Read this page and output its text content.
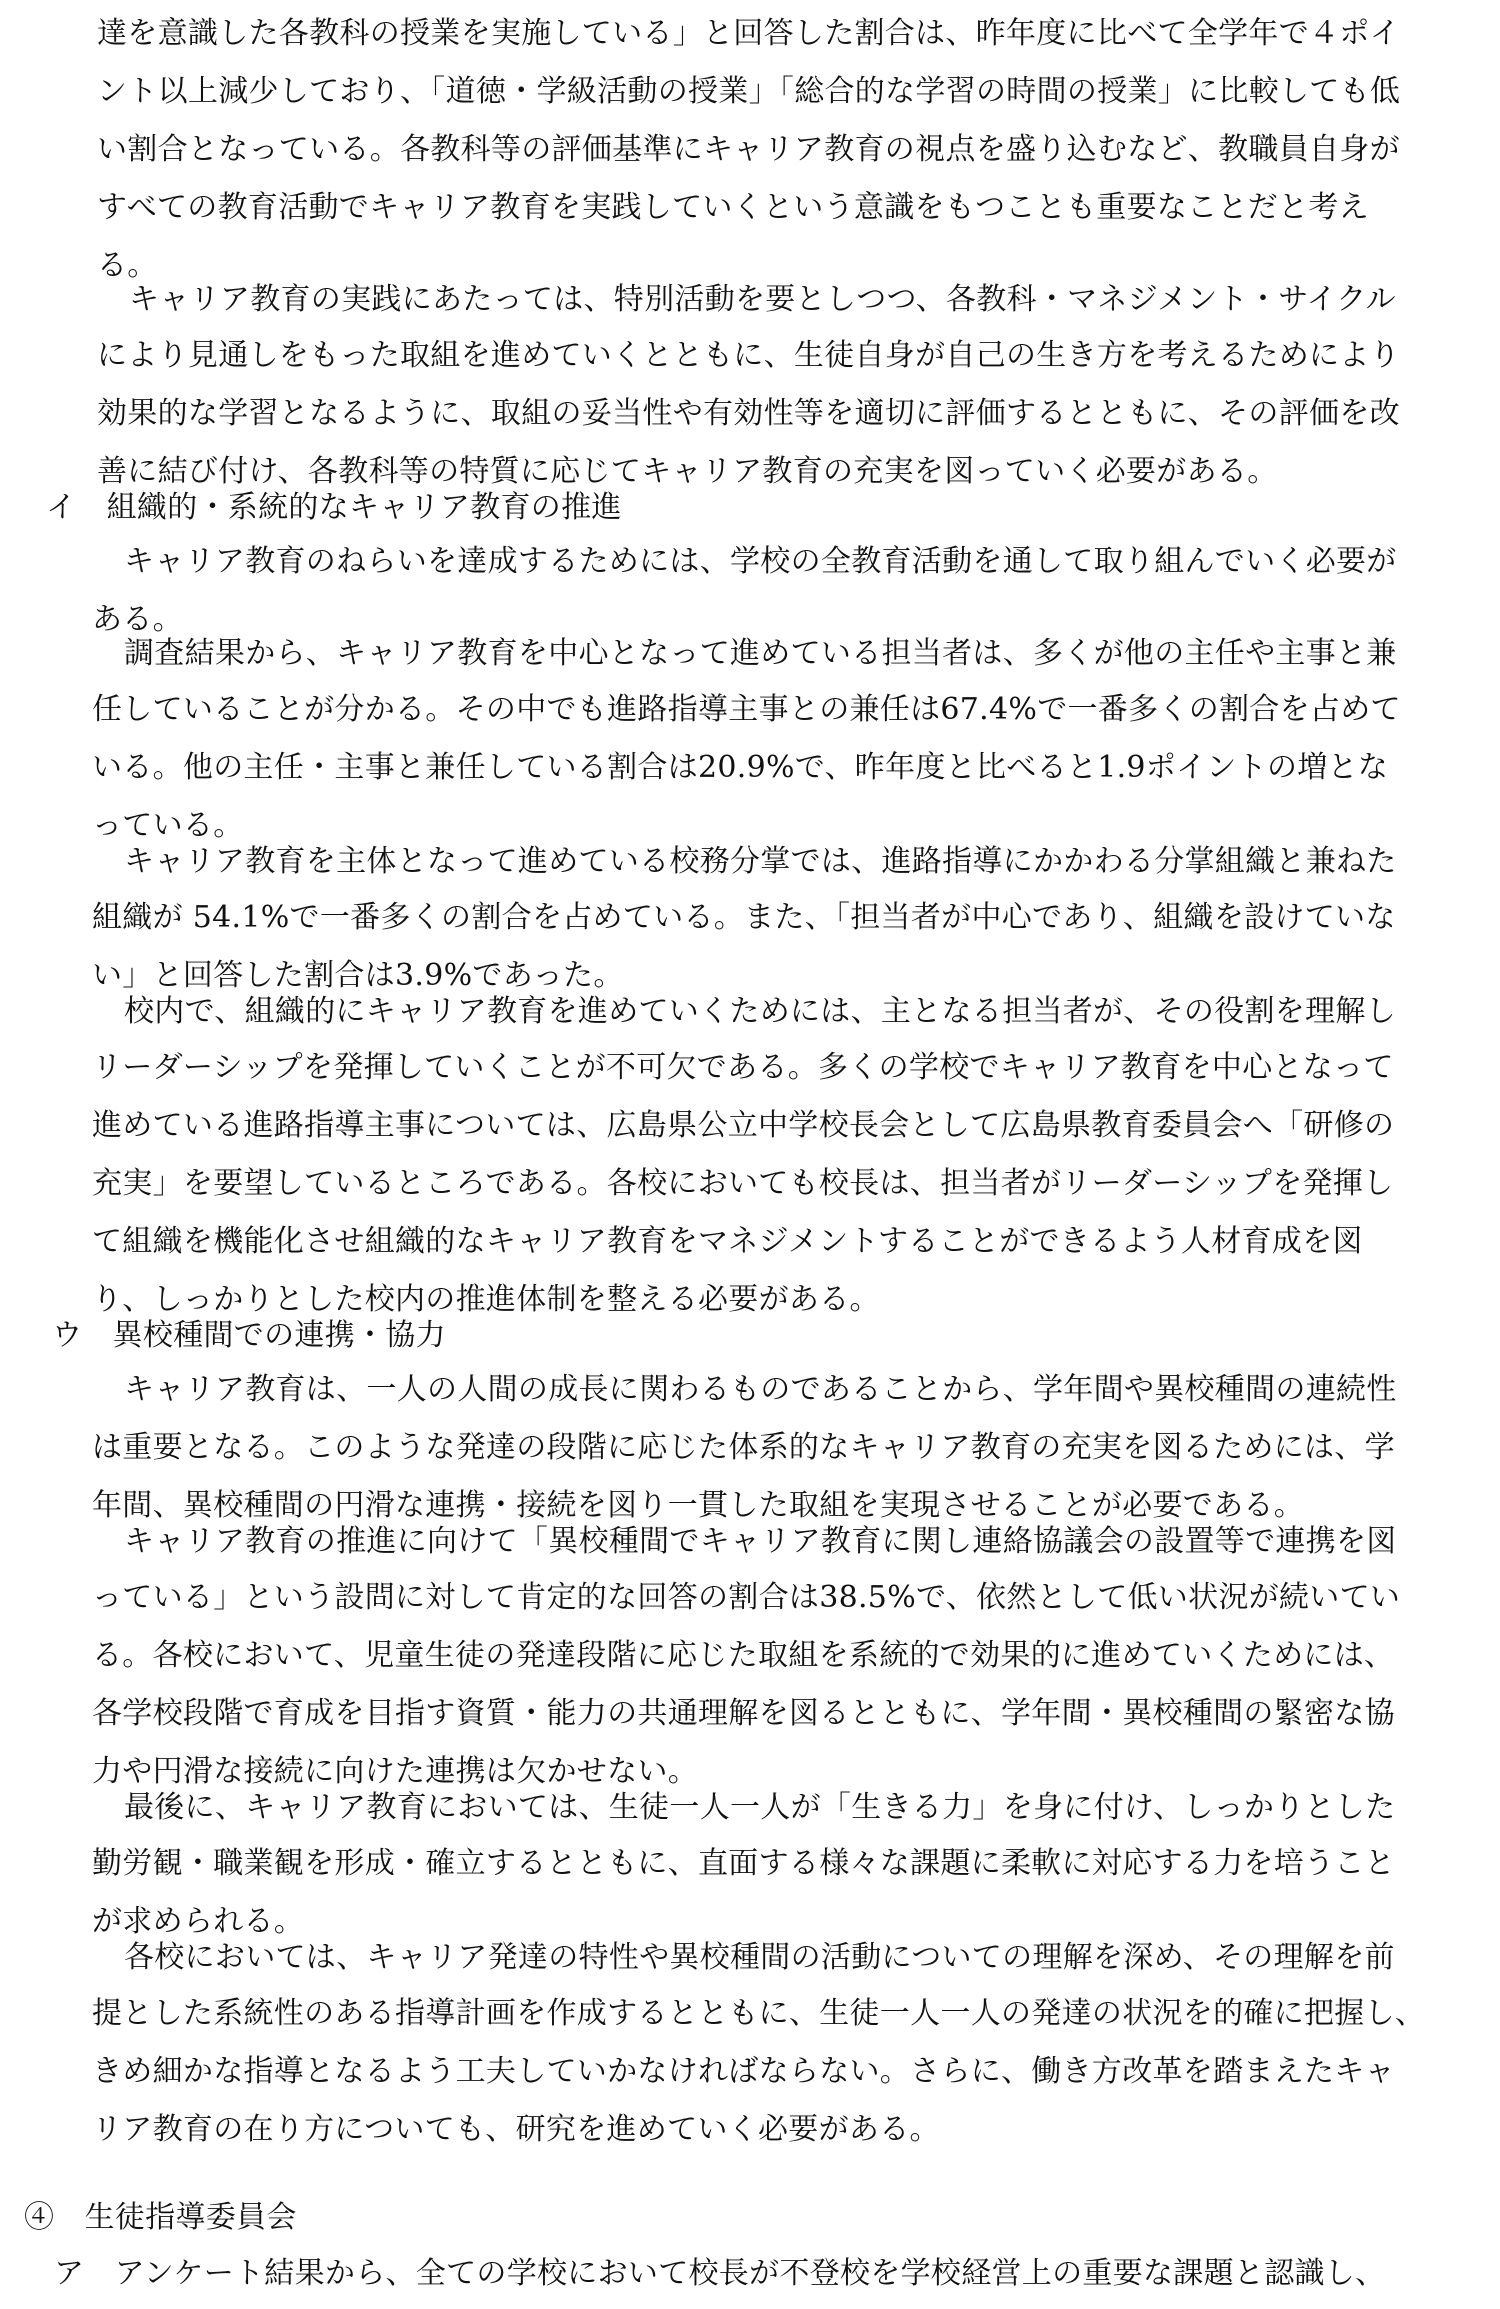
達を意識した各教科の授業を実施している」と回答した割合は、昨年度に比べて全学年で４ポイ
ント以上減少しており、「道徳・学級活動の授業」「総合的な学習の時間の授業」に比較しても低
い割合となっている。各教科等の評価基準にキャリア教育の視点を盛り込むなど、教職員自身が
すべての教育活動でキャリア教育を実践していくという意識をもつことも重要なことだと考え
る。
キャリア教育の実践にあたっては、特別活動を要としつつ、各教科・マネジメント・サイクル
により見通しをもった取組を進めていくとともに、生徒自身が自己の生き方を考えるためにより
効果的な学習となるように、取組の妥当性や有効性等を適切に評価するとともに、その評価を改
善に結び付け、各教科等の特質に応じてキャリア教育の充実を図っていく必要がある。
イ　組織的・系統的なキャリア教育の推進
キャリア教育のねらいを達成するためには、学校の全教育活動を通して取り組んでいく必要が
ある。
調査結果から、キャリア教育を中心となって進めている担当者は、多くが他の主任や主事と兼
任していることが分かる。その中でも進路指導主事との兼任は67.4%で一番多くの割合を占めて
いる。他の主任・主事と兼任している割合は20.9%で、昨年度と比べると1.9ポイントの増とな
っている。
キャリア教育を主体となって進めている校務分掌では、進路指導にかかわる分掌組織と兼ねた
組織が 54.1%で一番多くの割合を占めている。また、「担当者が中心であり、組織を設けていな
い」と回答した割合は3.9%であった。
校内で、組織的にキャリア教育を進めていくためには、主となる担当者が、その役割を理解し
リーダーシップを発揮していくことが不可欠である。多くの学校でキャリア教育を中心となって
進めている進路指導主事については、広島県公立中学校長会として広島県教育委員会へ「研修の
充実」を要望しているところである。各校においても校長は、担当者がリーダーシップを発揮し
て組織を機能化させ組織的なキャリア教育をマネジメントすることができるよう人材育成を図
り、しっかりとした校内の推進体制を整える必要がある。
ウ　異校種間での連携・協力
キャリア教育は、一人の人間の成長に関わるものであることから、学年間や異校種間の連続性
は重要となる。このような発達の段階に応じた体系的なキャリア教育の充実を図るためには、学
年間、異校種間の円滑な連携・接続を図り一貫した取組を実現させることが必要である。
キャリア教育の推進に向けて「異校種間でキャリア教育に関し連絡協議会の設置等で連携を図
っている」という設問に対して肯定的な回答の割合は38.5%で、依然として低い状況が続いてい
る。各校において、児童生徒の発達段階に応じた取組を系統的で効果的に進めていくためには、
各学校段階で育成を目指す資質・能力の共通理解を図るとともに、学年間・異校種間の緊密な協
力や円滑な接続に向けた連携は欠かせない。
最後に、キャリア教育においては、生徒一人一人が「生きる力」を身に付け、しっかりとした
勤労観・職業観を形成・確立するとともに、直面する様々な課題に柔軟に対応する力を培うこと
が求められる。
各校においては、キャリア発達の特性や異校種間の活動についての理解を深め、その理解を前
提とした系統性のある指導計画を作成するとともに、生徒一人一人の発達の状況を的確に把握し、
きめ細かな指導となるよう工夫していかなければならない。さらに、働き方改革を踏まえたキャ
リア教育の在り方についても、研究を進めていく必要がある。
④　生徒指導委員会
ア　アンケート結果から、全ての学校において校長が不登校を学校経営上の重要な課題と認識し、
